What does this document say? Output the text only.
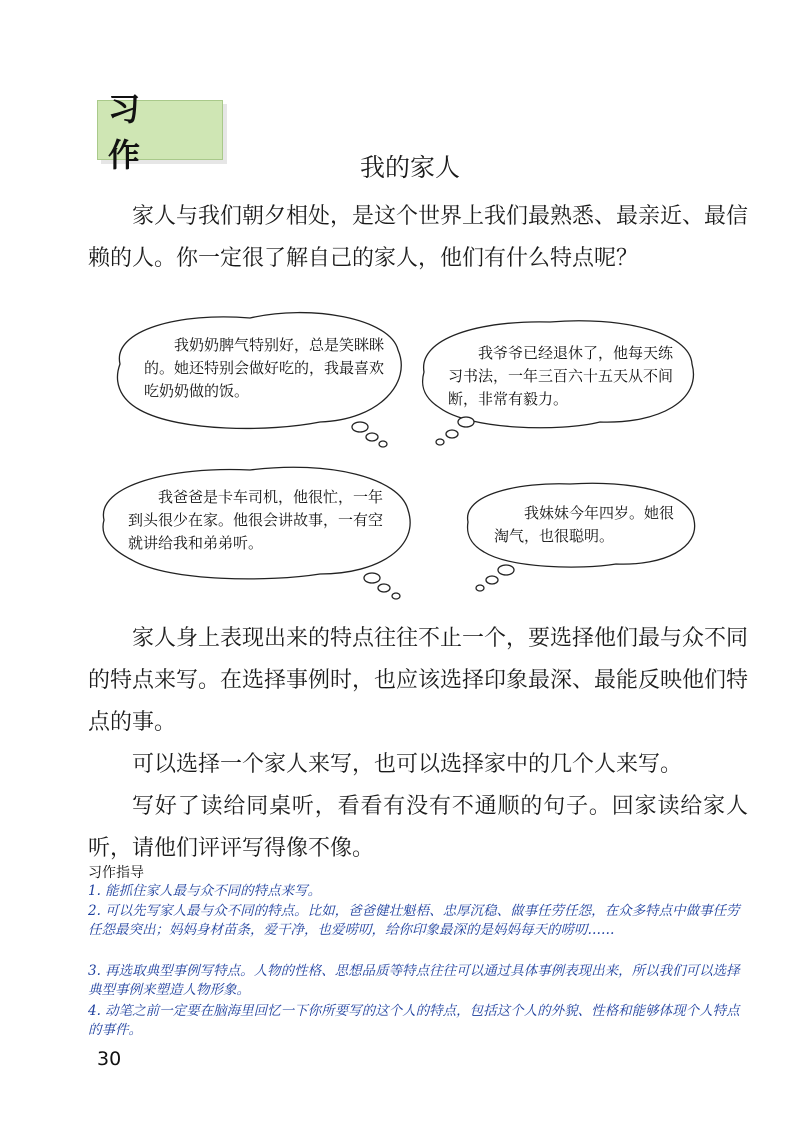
习 作	我的家人

家人与我们朝夕相处，是这个世界上我们最熟悉、最亲近、最信赖的人。你一定很了解自己的家人，他们有什么特点呢？

我奶奶脾气特别好，总是笑眯眯的。她还特别会做好吃的，我最喜欢吃奶奶做的饭。

我爷爷已经退休了，他每天练习书法，一年三百六十五天从不间断，非常有毅力。

我爸爸是卡车司机，他很忙，一年到头很少在家。他很会讲故事，一有空就讲给我和弟弟听。

我妹妹今年四岁。她很淘气，也很聪明。

家人身上表现出来的特点往往不止一个，要选择他们最与众不同的特点来写。在选择事例时，也应该选择印象最深、最能反映他们特点的事。

可以选择一个家人来写，也可以选择家中的几个人来写。

写好了读给同桌听，看看有没有不通顺的句子。回家读给家人听，请他们评评写得像不像。

习作指导

1. 能抓住家人最与众不同的特点来写。

2. 可以先写家人最与众不同的特点。比如，爸爸健壮魁梧、忠厚沉稳、做事任劳任怨，在众多特点中做事任劳任怨最突出；妈妈身材苗条，爱干净，也爱唠叨，给你印象最深的是妈妈每天的唠叨……

3. 再选取典型事例写特点。人物的性格、思想品质等特点往往可以通过具体事例表现出来，所以我们可以选择典型事例来塑造人物形象。

4. 动笔之前一定要在脑海里回忆一下你所要写的这个人的特点，包括这个人的外貌、性格和能够体现个人特点的事件。

30
